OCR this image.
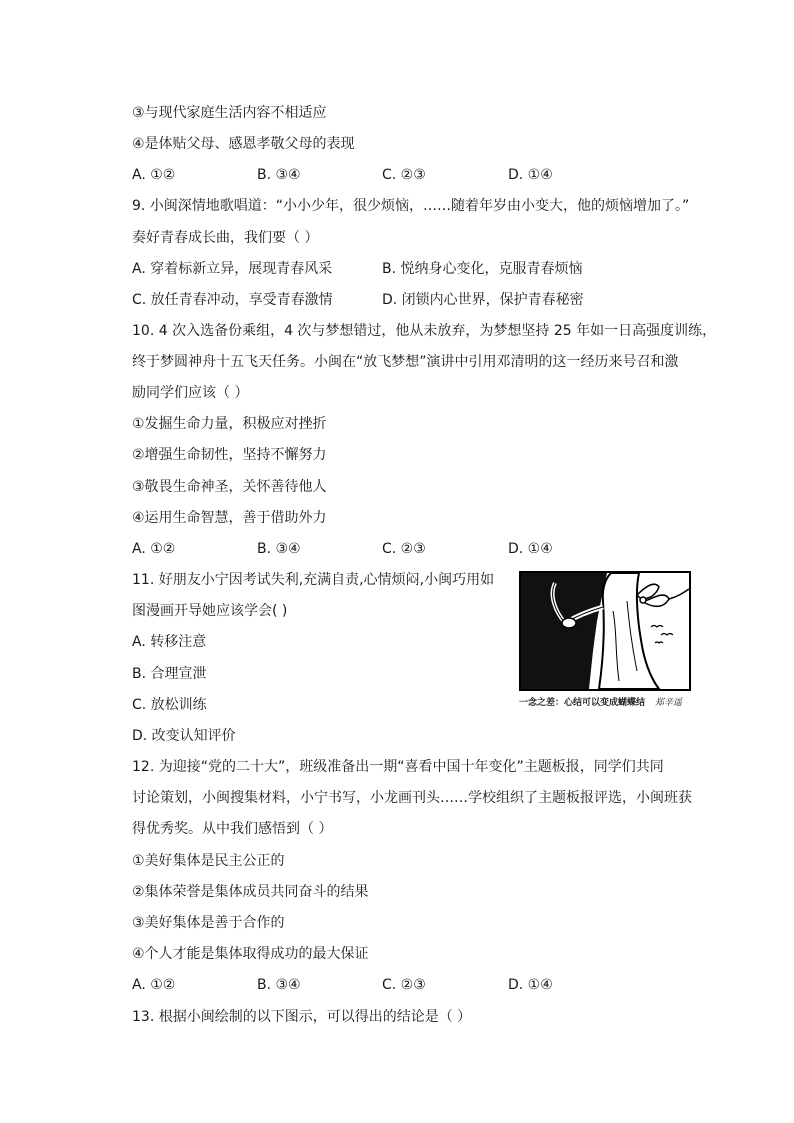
③与现代家庭生活内容不相适应
④是体贴父母、感恩孝敬父母的表现
A. ①②	B. ③④	C. ②③	D. ①④
9. 小闽深情地歌唱道：“小小少年，很少烦恼，……随着年岁由小变大，他的烦恼增加了。”
奏好青春成长曲，我们要（ ）
A. 穿着标新立异，展现青春风采	B. 悦纳身心变化，克服青春烦恼
C. 放任青春冲动，享受青春激情	D. 闭锁内心世界，保护青春秘密
10. 4 次入选备份乘组，4 次与梦想错过，他从未放弃，为梦想坚持 25 年如一日高强度训练，
终于梦圆神舟十五飞天任务。小闽在“放飞梦想”演讲中引用邓清明的这一经历来号召和激
励同学们应该（ ）
①发掘生命力量，积极应对挫折
②增强生命韧性，坚持不懈努力
③敬畏生命神圣，关怀善待他人
④运用生命智慧，善于借助外力
A. ①②	B. ③④	C. ②③	D. ①④
11. 好朋友小宁因考试失利,充满自责,心情烦闷,小闽巧用如
图漫画开导她应该学会( )
A. 转移注意
B. 合理宣泄
C. 放松训练
D. 改变认知评价
一念之差：心结可以变成蝴蝶结 郑辛遥
12. 为迎接“党的二十大”，班级准备出一期“喜看中国十年变化”主题板报，同学们共同
讨论策划，小闽搜集材料，小宁书写，小龙画刊头……学校组织了主题板报评选，小闽班获
得优秀奖。从中我们感悟到（ ）
①美好集体是民主公正的
②集体荣誉是集体成员共同奋斗的结果
③美好集体是善于合作的
④个人才能是集体取得成功的最大保证
A. ①②	B. ③④	C. ②③	D. ①④
13. 根据小闽绘制的以下图示，可以得出的结论是（ ）
